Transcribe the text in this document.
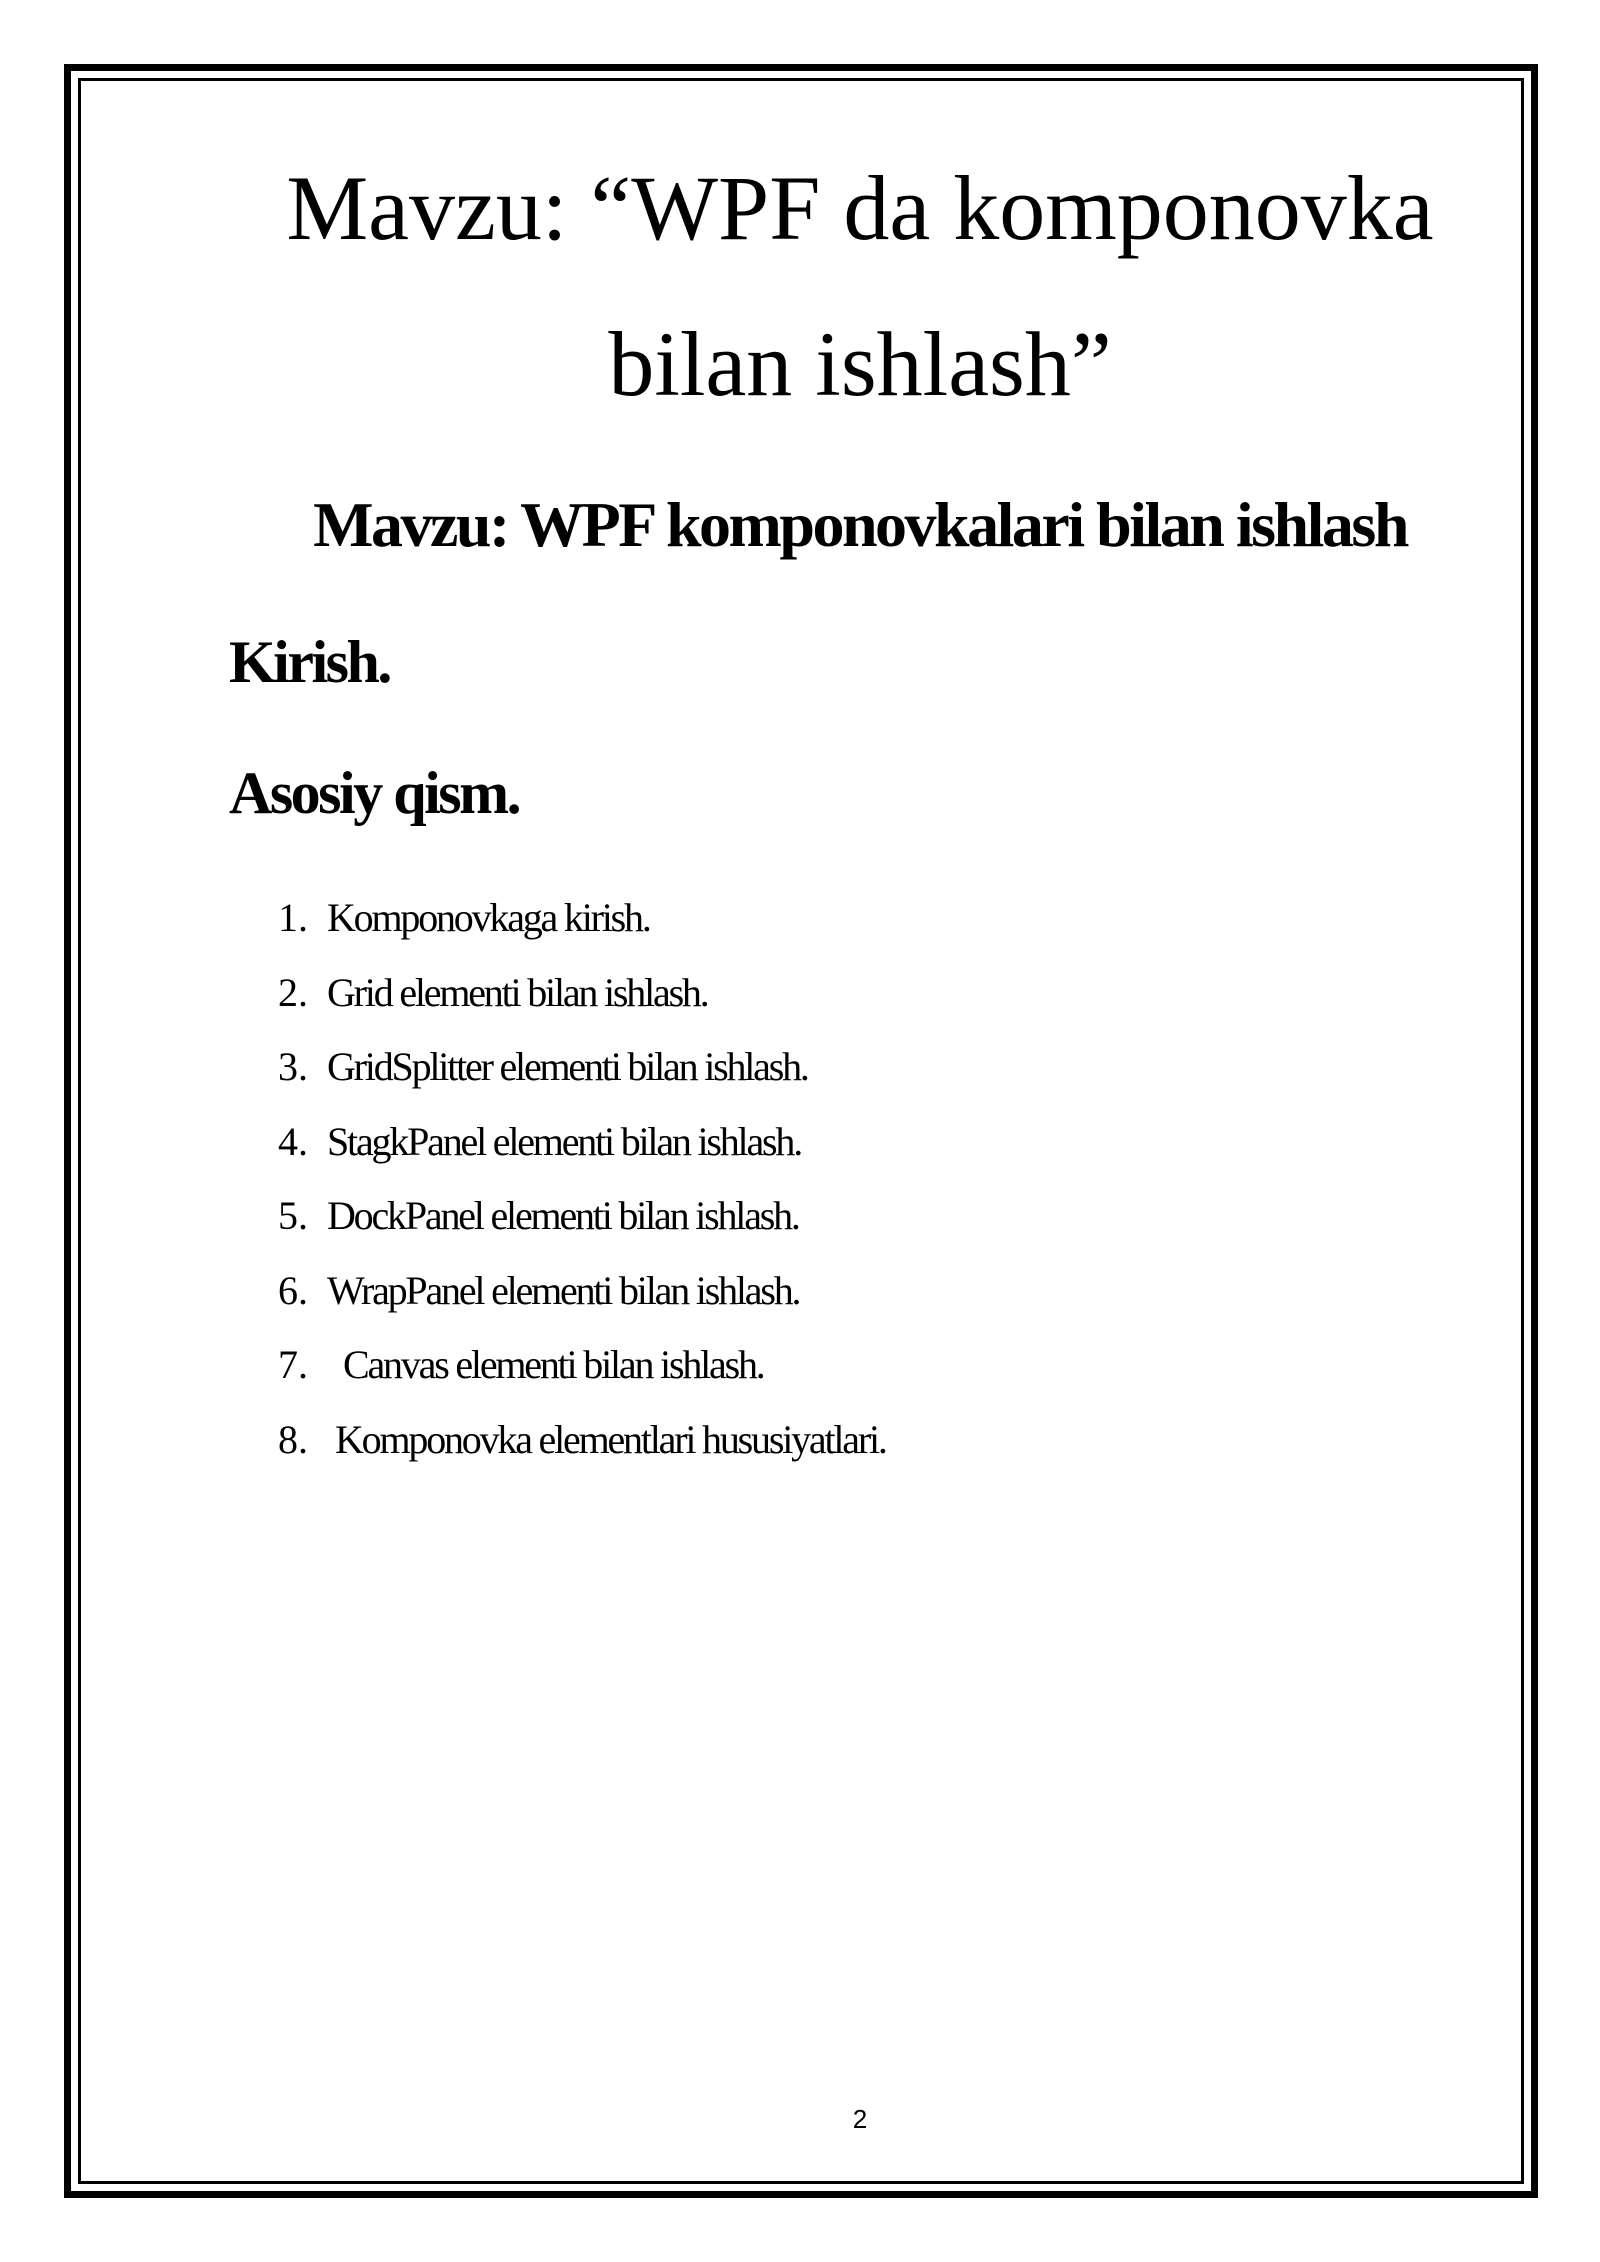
Mavzu: “WPF da komponovka
bilan ishlash”
Mavzu: WPF komponovkalari bilan ishlash
Kirish.
Asosiy qism.
1. Komponovkaga kirish.
2. Grid elementi bilan ishlash.
3. GridSplitter elementi bilan ishlash.
4. StagkPanel elementi bilan ishlash.
5. DockPanel elementi bilan ishlash.
6. WrapPanel elementi bilan ishlash.
7. Canvas elementi bilan ishlash.
8. Komponovka elementlari hususiyatlari.
2
